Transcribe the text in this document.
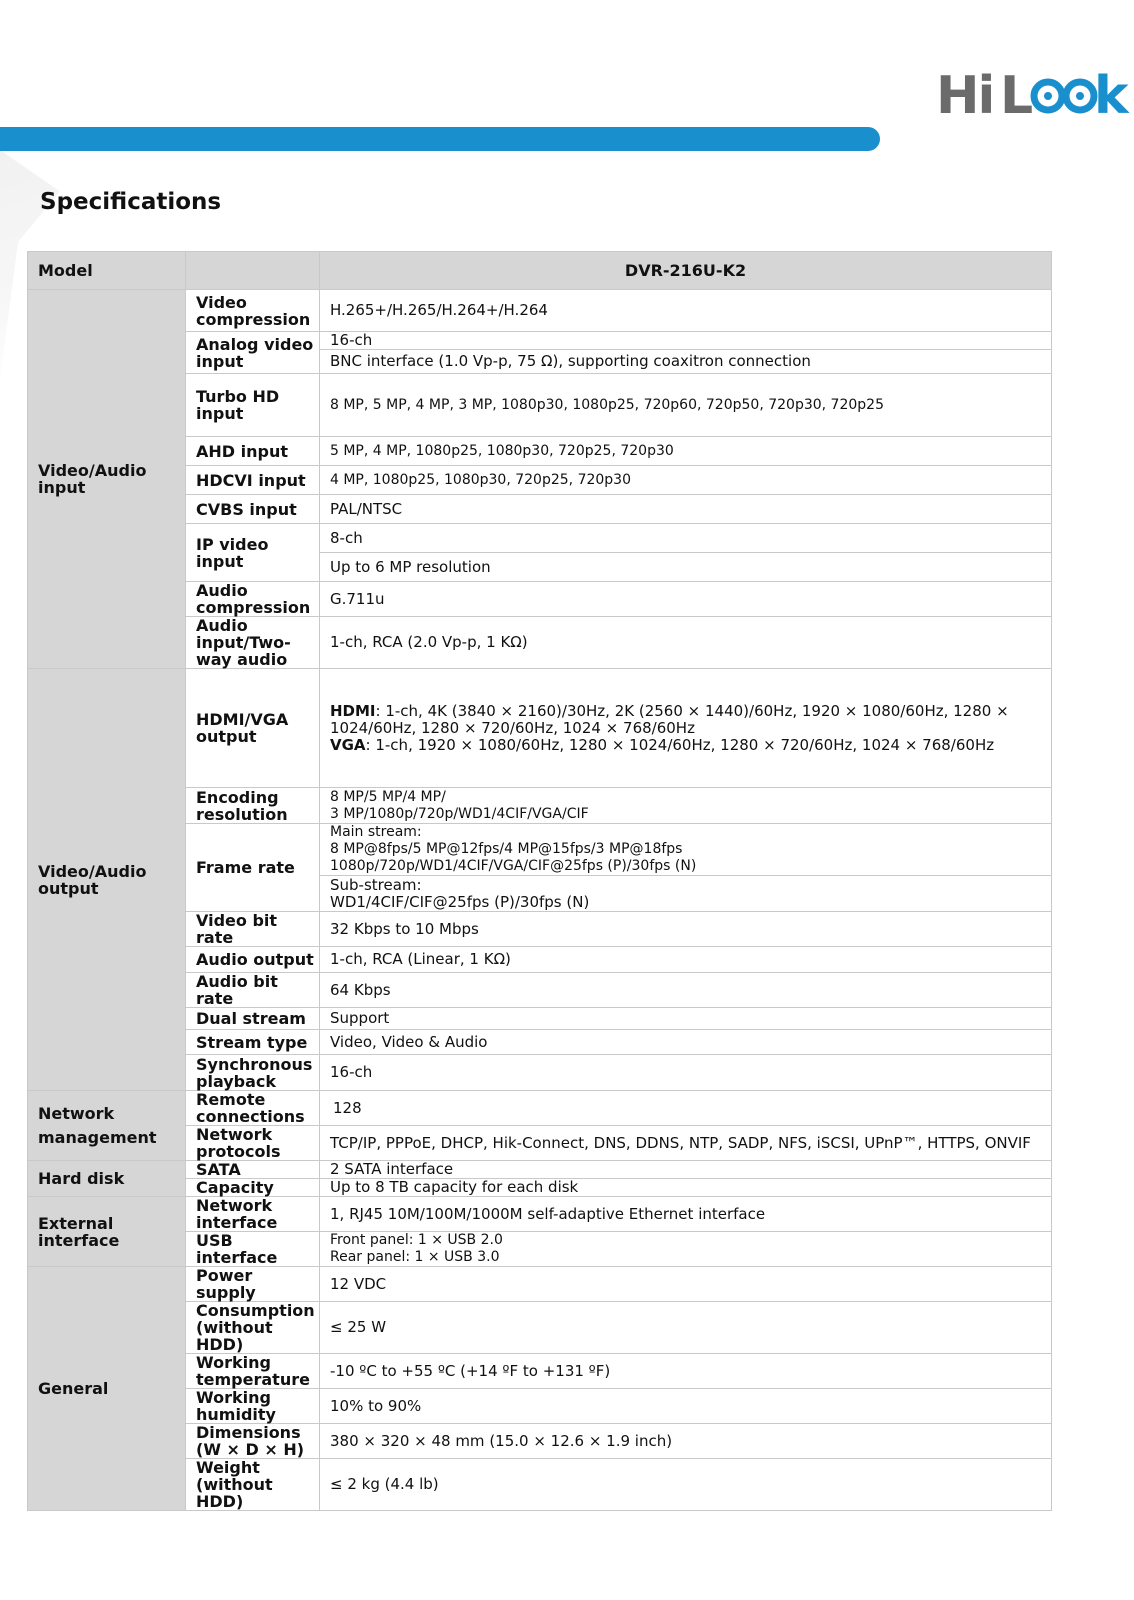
Hi L k
Specifications
Model		DVR-216U-K2
Video/Audio input	Video compression	H.265+/H.265/H.264+/H.264
	Analog video input	16-ch
		BNC interface (1.0 Vp-p, 75 Ω), supporting coaxitron connection
	Turbo HD input	8 MP, 5 MP, 4 MP, 3 MP, 1080p30, 1080p25, 720p60, 720p50, 720p30, 720p25
	AHD input	5 MP, 4 MP, 1080p25, 1080p30, 720p25, 720p30
	HDCVI input	4 MP, 1080p25, 1080p30, 720p25, 720p30
	CVBS input	PAL/NTSC
	IP video input	8-ch
		Up to 6 MP resolution
	Audio compression	G.711u
	Audio input/Two-way audio	1-ch, RCA (2.0 Vp-p, 1 KΩ)

Video/Audio output	HDMI/VGA output	HDMI: 1-ch, 4K (3840 × 2160)/30Hz, 2K (2560 × 1440)/60Hz, 1920 × 1080/60Hz, 1280 × 1024/60Hz, 1280 × 720/60Hz, 1024 × 768/60Hz
VGA: 1-ch, 1920 × 1080/60Hz, 1280 × 1024/60Hz, 1280 × 720/60Hz, 1024 × 768/60Hz
	Encoding resolution	8 MP/5 MP/4 MP/
3 MP/1080p/720p/WD1/4CIF/VGA/CIF

	Frame rate	Main stream:
8 MP@8fps/5 MP@12fps/4 MP@15fps/3 MP@18fps
1080p/720p/WD1/4CIF/VGA/CIF@25fps (P)/30fps (N)

		Sub-stream:
WD1/4CIF/CIF@25fps (P)/30fps (N)

	Video bit rate	32 Kbps to 10 Mbps
	Audio output	1-ch, RCA (Linear, 1 KΩ)
	Audio bit rate	64 Kbps
	Dual stream	Support
	Stream type	Video, Video & Audio
	Synchronous playback	16-ch

Network management	Remote connections	128
	Network protocols	TCP/IP, PPPoE, DHCP, Hik-Connect, DNS, DDNS, NTP, SADP, NFS, iSCSI, UPnP™, HTTPS, ONVIF
Hard disk	SATA	2 SATA interface
	Capacity	Up to 8 TB capacity for each disk
External interface	Network interface	1, RJ45 10M/100M/1000M self-adaptive Ethernet interface
	USB interface	Front panel: 1 × USB 2.0
Rear panel: 1 × USB 3.0

General	Power supply	12 VDC
	Consumption (without HDD)	≤ 25 W
	Working temperature	-10 ºC to +55 ºC (+14 ºF to +131 ºF)
	Working humidity	10% to 90%
	Dimensions (W × D × H)	380 × 320 × 48 mm (15.0 × 12.6 × 1.9 inch)
	Weight (without HDD)	≤ 2 kg (4.4 lb)
